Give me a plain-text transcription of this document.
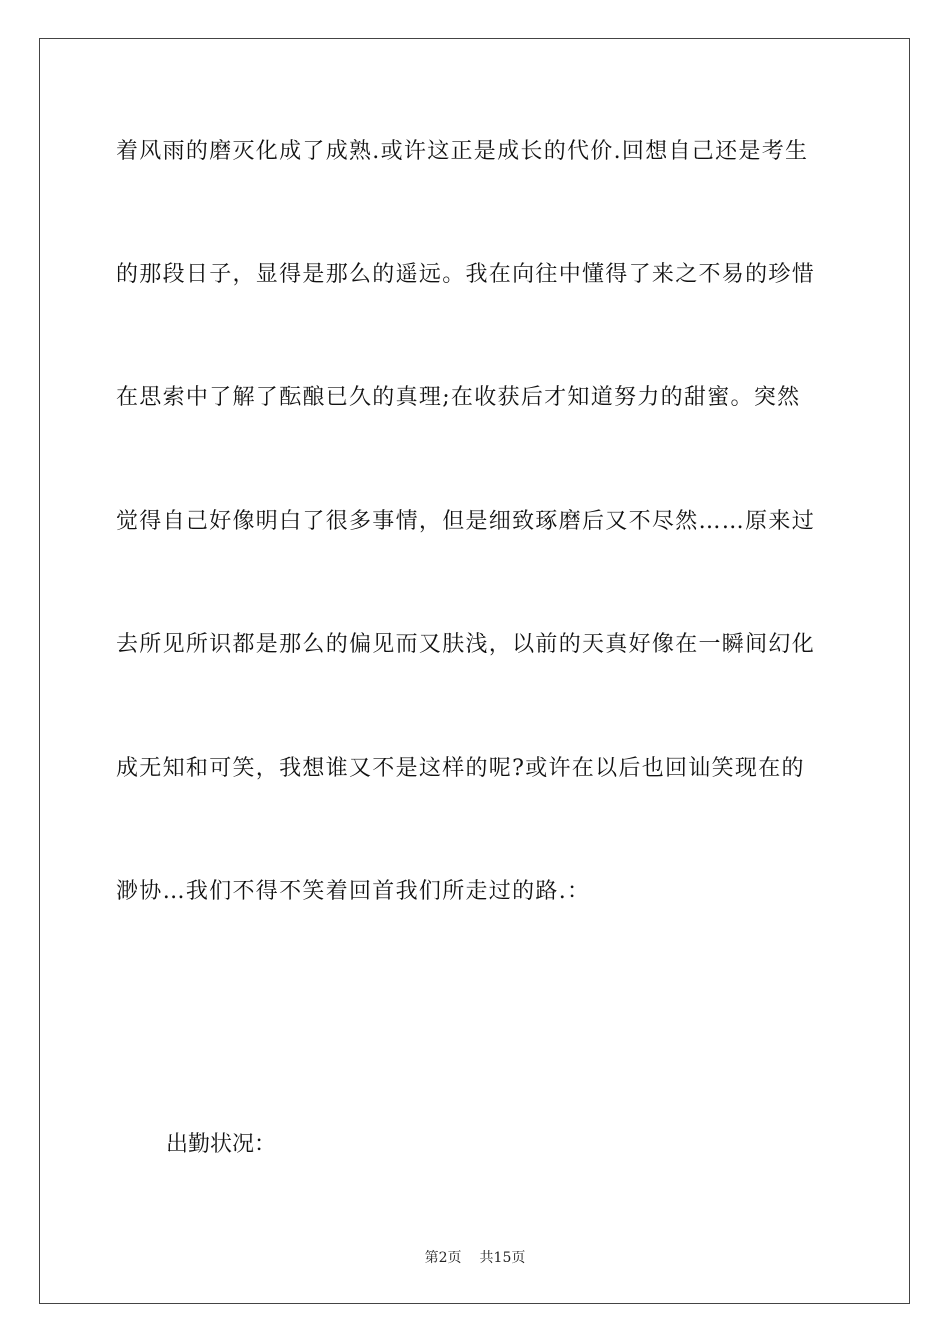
着风雨的磨灭化成了成熟.或许这正是成长的代价.回想自己还是考生
的那段日子，显得是那么的遥远。我在向往中懂得了来之不易的珍惜
在思索中了解了酝酿已久的真理;在收获后才知道努力的甜蜜。突然
觉得自己好像明白了很多事情，但是细致琢磨后又不尽然……原来过
去所见所识都是那么的偏见而又肤浅，以前的天真好像在一瞬间幻化
成无知和可笑，我想谁又不是这样的呢?或许在以后也回讪笑现在的
渺协…我们不得不笑着回首我们所走过的路.：
出勤状况：
第2页 共15页
